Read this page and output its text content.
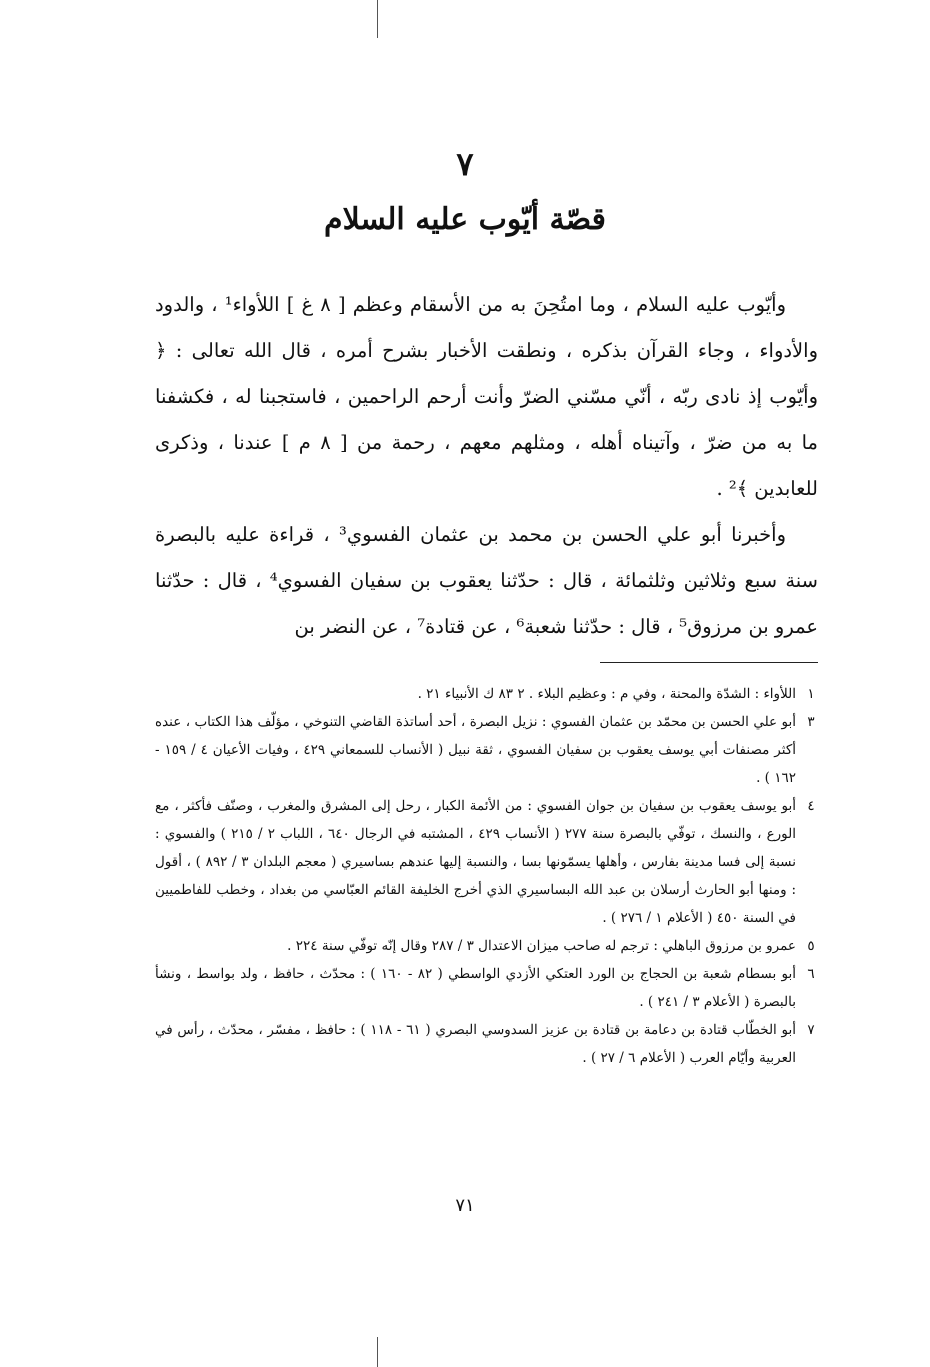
٧
قصّة أيّوب عليه السلام

وأيّوب عليه السلام ، وما امتُحِنَ به من الأسقام وعظم [ ٨ غ ] اللأواء¹ ، والدود والأدواء ، وجاء القرآن بذكره ، ونطقت الأخبار بشرح أمره ، قال الله تعالى : ﴿ وأيّوب إذ نادى ربّه ، أنّي مسّني الضرّ وأنت أرحم الراحمين ، فاستجبنا له ، فكشفنا ما به من ضرّ ، وآتيناه أهله ، ومثلهم معهم ، رحمة من [ ٨ م ] عندنا ، وذكرى للعابدين ﴾² .

وأخبرنا أبو علي الحسن بن محمد بن عثمان الفسوي³ ، قراءة عليه بالبصرة سنة سبع وثلاثين وثلثمائة ، قال : حدّثنا يعقوب بن سفيان الفسوي⁴ ، قال : حدّثنا عمرو بن مرزوق⁵ ، قال : حدّثنا شعبة⁶ ، عن قتادة⁷ ، عن النضر بن

١
اللأواء : الشدّة والمحنة ، وفي م : وعظيم البلاء . ٢ ٨٣ ك الأنبياء ٢١ .
٣
أبو علي الحسن بن محمّد بن عثمان الفسوي : نزيل البصرة ، أحد أساتذة القاضي التنوخي ، مؤلّف هذا الكتاب ، عنده أكثر مصنفات أبي يوسف يعقوب بن سفيان الفسوي ، ثقة نبيل ( الأنساب للسمعاني ٤٢٩ ، وفيات الأعيان ٤ / ١٥٩ - ١٦٢ ) .
٤
أبو يوسف يعقوب بن سفيان بن جوان الفسوي : من الأئمة الكبار ، رحل إلى المشرق والمغرب ، وصنّف فأكثر ، مع الورع ، والنسك ، توفّي بالبصرة سنة ٢٧٧ ( الأنساب ٤٢٩ ، المشتبه في الرجال ٦٤٠ ، اللباب ٢ / ٢١٥ ) والفسوي : نسبة إلى فسا مدينة بفارس ، وأهلها يسمّونها بسا ، والنسبة إليها عندهم بساسيري ( معجم البلدان ٣ / ٨٩٢ ) ، أقول : ومنها أبو الحارث أرسلان بن عبد الله البساسيري الذي أخرج الخليفة القائم العبّاسي من بغداد ، وخطب للفاطميين في السنة ٤٥٠ ( الأعلام ١ / ٢٧٦ ) .
٥
عمرو بن مرزوق الباهلي : ترجم له صاحب ميزان الاعتدال ٣ / ٢٨٧ وقال إنّه توفّي سنة ٢٢٤ .
٦
أبو بسطام شعبة بن الحجاج بن الورد العتكي الأزدي الواسطي ( ٨٢ - ١٦٠ ) : محدّث ، حافظ ، ولد بواسط ، ونشأ بالبصرة ( الأعلام ٣ / ٢٤١ ) .
٧
أبو الخطّاب قتادة بن دعامة بن قتادة بن عزيز السدوسي البصري ( ٦١ - ١١٨ ) : حافظ ، مفسّر ، محدّث ، رأس في العربية وأيّام العرب ( الأعلام ٦ / ٢٧ ) .
٧١
